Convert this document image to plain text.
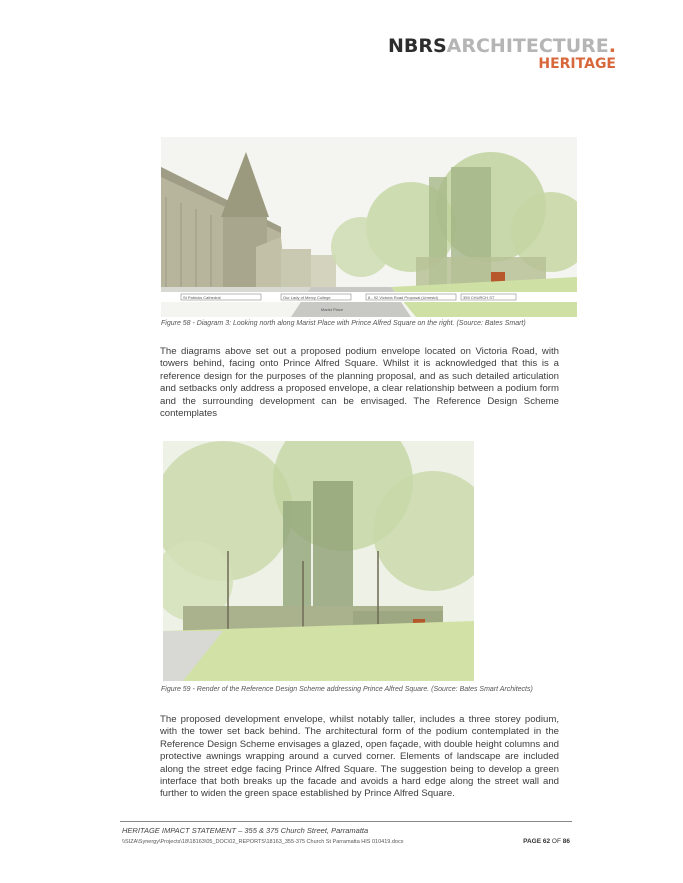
NBRSARCHITECTURE.
HERITAGE
St Patricks Cathedral	Our Lady of Mercy College	8 - 92 Victoria Road Proposal (Unrestd)	359 CHURCH ST
Marist Place
Figure 58 - Diagram 3: Looking north along Marist Place with Prince Alfred Square on the right. (Source: Bates Smart)

The diagrams above set out a proposed podium envelope located on Victoria Road, with towers behind, facing onto Prince Alfred Square. Whilst it is acknowledged that this is a reference design for the purposes of the planning proposal, and as such detailed articulation and setbacks only address a proposed envelope, a clear relationship between a podium form and the surrounding development can be envisaged. The Reference Design Scheme contemplates

Figure 59 - Render of the Reference Design Scheme addressing Prince Alfred Square. (Source: Bates Smart Architects)

The proposed development envelope, whilst notably taller, includes a three storey podium, with the tower set back behind. The architectural form of the podium contemplated in the Reference Design Scheme envisages a glazed, open façade, with double height columns and protective awnings wrapping around a curved corner. Elements of landscape are included along the street edge facing Prince Alfred Square. The suggestion being to develop a green interface that both breaks up the facade and avoids a hard edge along the street wall and further to widen the green space established by Prince Alfred Square.

HERITAGE IMPACT STATEMENT – 355 & 375 Church Street, Parramatta
\\SIZA\Synergy\Projects\18\18163\05_DOC\02_REPORTS\18163_355-375 Church St Parramatta HIS 010419.docx	PAGE 62 OF 86
